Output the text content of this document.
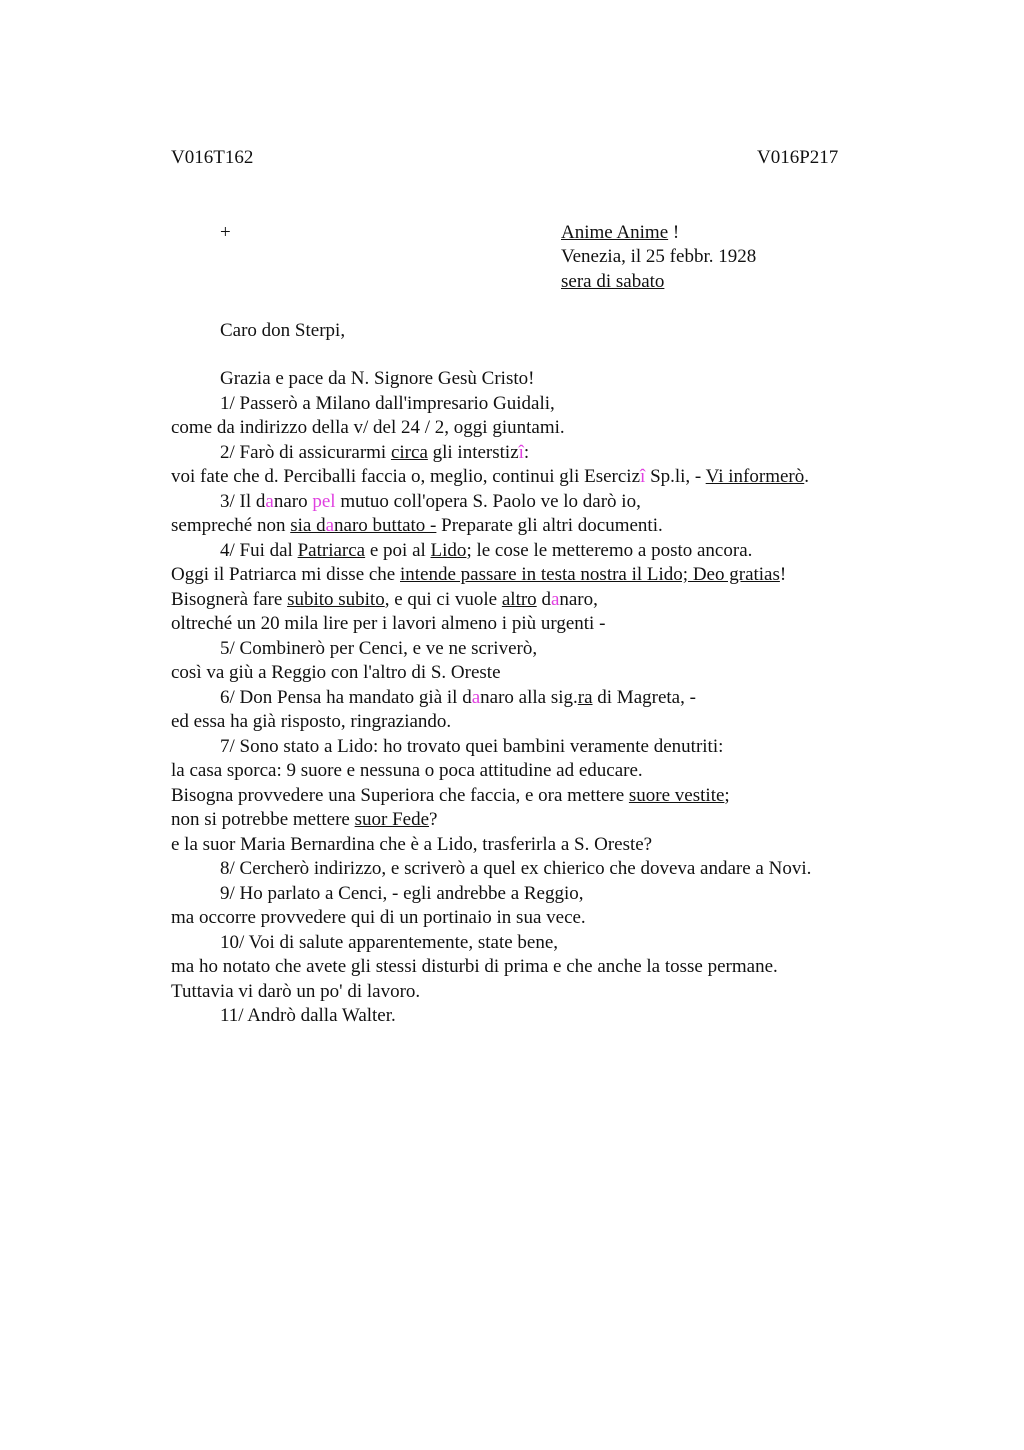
V016T162	V016P217
+	Anime Anime !
Venezia, il 25 febbr. 1928
sera di sabato
Caro don Sterpi,
Grazia e pace da N. Signore Gesù Cristo!
1/ Passerò a Milano dall'impresario Guidali,
come da indirizzo della v/ del 24 / 2, oggi giuntami.
2/ Farò di assicurarmi circa gli interstizî:
voi fate che d. Perciballi faccia o, meglio, continui gli Esercizî Sp.li, - Vi informerò.
3/ Il danaro pel mutuo coll'opera S. Paolo ve lo darò io,
sempreché non sia danaro buttato - Preparate gli altri documenti.
4/ Fui dal Patriarca e poi al Lido; le cose le metteremo a posto ancora.
Oggi il Patriarca mi disse che intende passare in testa nostra il Lido; Deo gratias!
Bisognerà fare subito subito, e qui ci vuole altro danaro,
oltreché un 20 mila lire per i lavori almeno i più urgenti -
5/ Combinerò per Cenci, e ve ne scriverò,
così va giù a Reggio con l'altro di S. Oreste
6/ Don Pensa ha mandato già il danaro alla sig.ra di Magreta, -
ed essa ha già risposto, ringraziando.
7/ Sono stato a Lido: ho trovato quei bambini veramente denutriti:
la casa sporca: 9 suore e nessuna o poca attitudine ad educare.
Bisogna provvedere una Superiora che faccia, e ora mettere suore vestite;
non si potrebbe mettere suor Fede?
e la suor Maria Bernardina che è a Lido, trasferirla a S. Oreste?
8/ Cercherò indirizzo, e scriverò a quel ex chierico che doveva andare a Novi.
9/ Ho parlato a Cenci, - egli andrebbe a Reggio,
ma occorre provvedere qui di un portinaio in sua vece.
10/ Voi di salute apparentemente, state bene,
ma ho notato che avete gli stessi disturbi di prima e che anche la tosse permane.
Tuttavia vi darò un po' di lavoro.
11/ Andrò dalla Walter.
